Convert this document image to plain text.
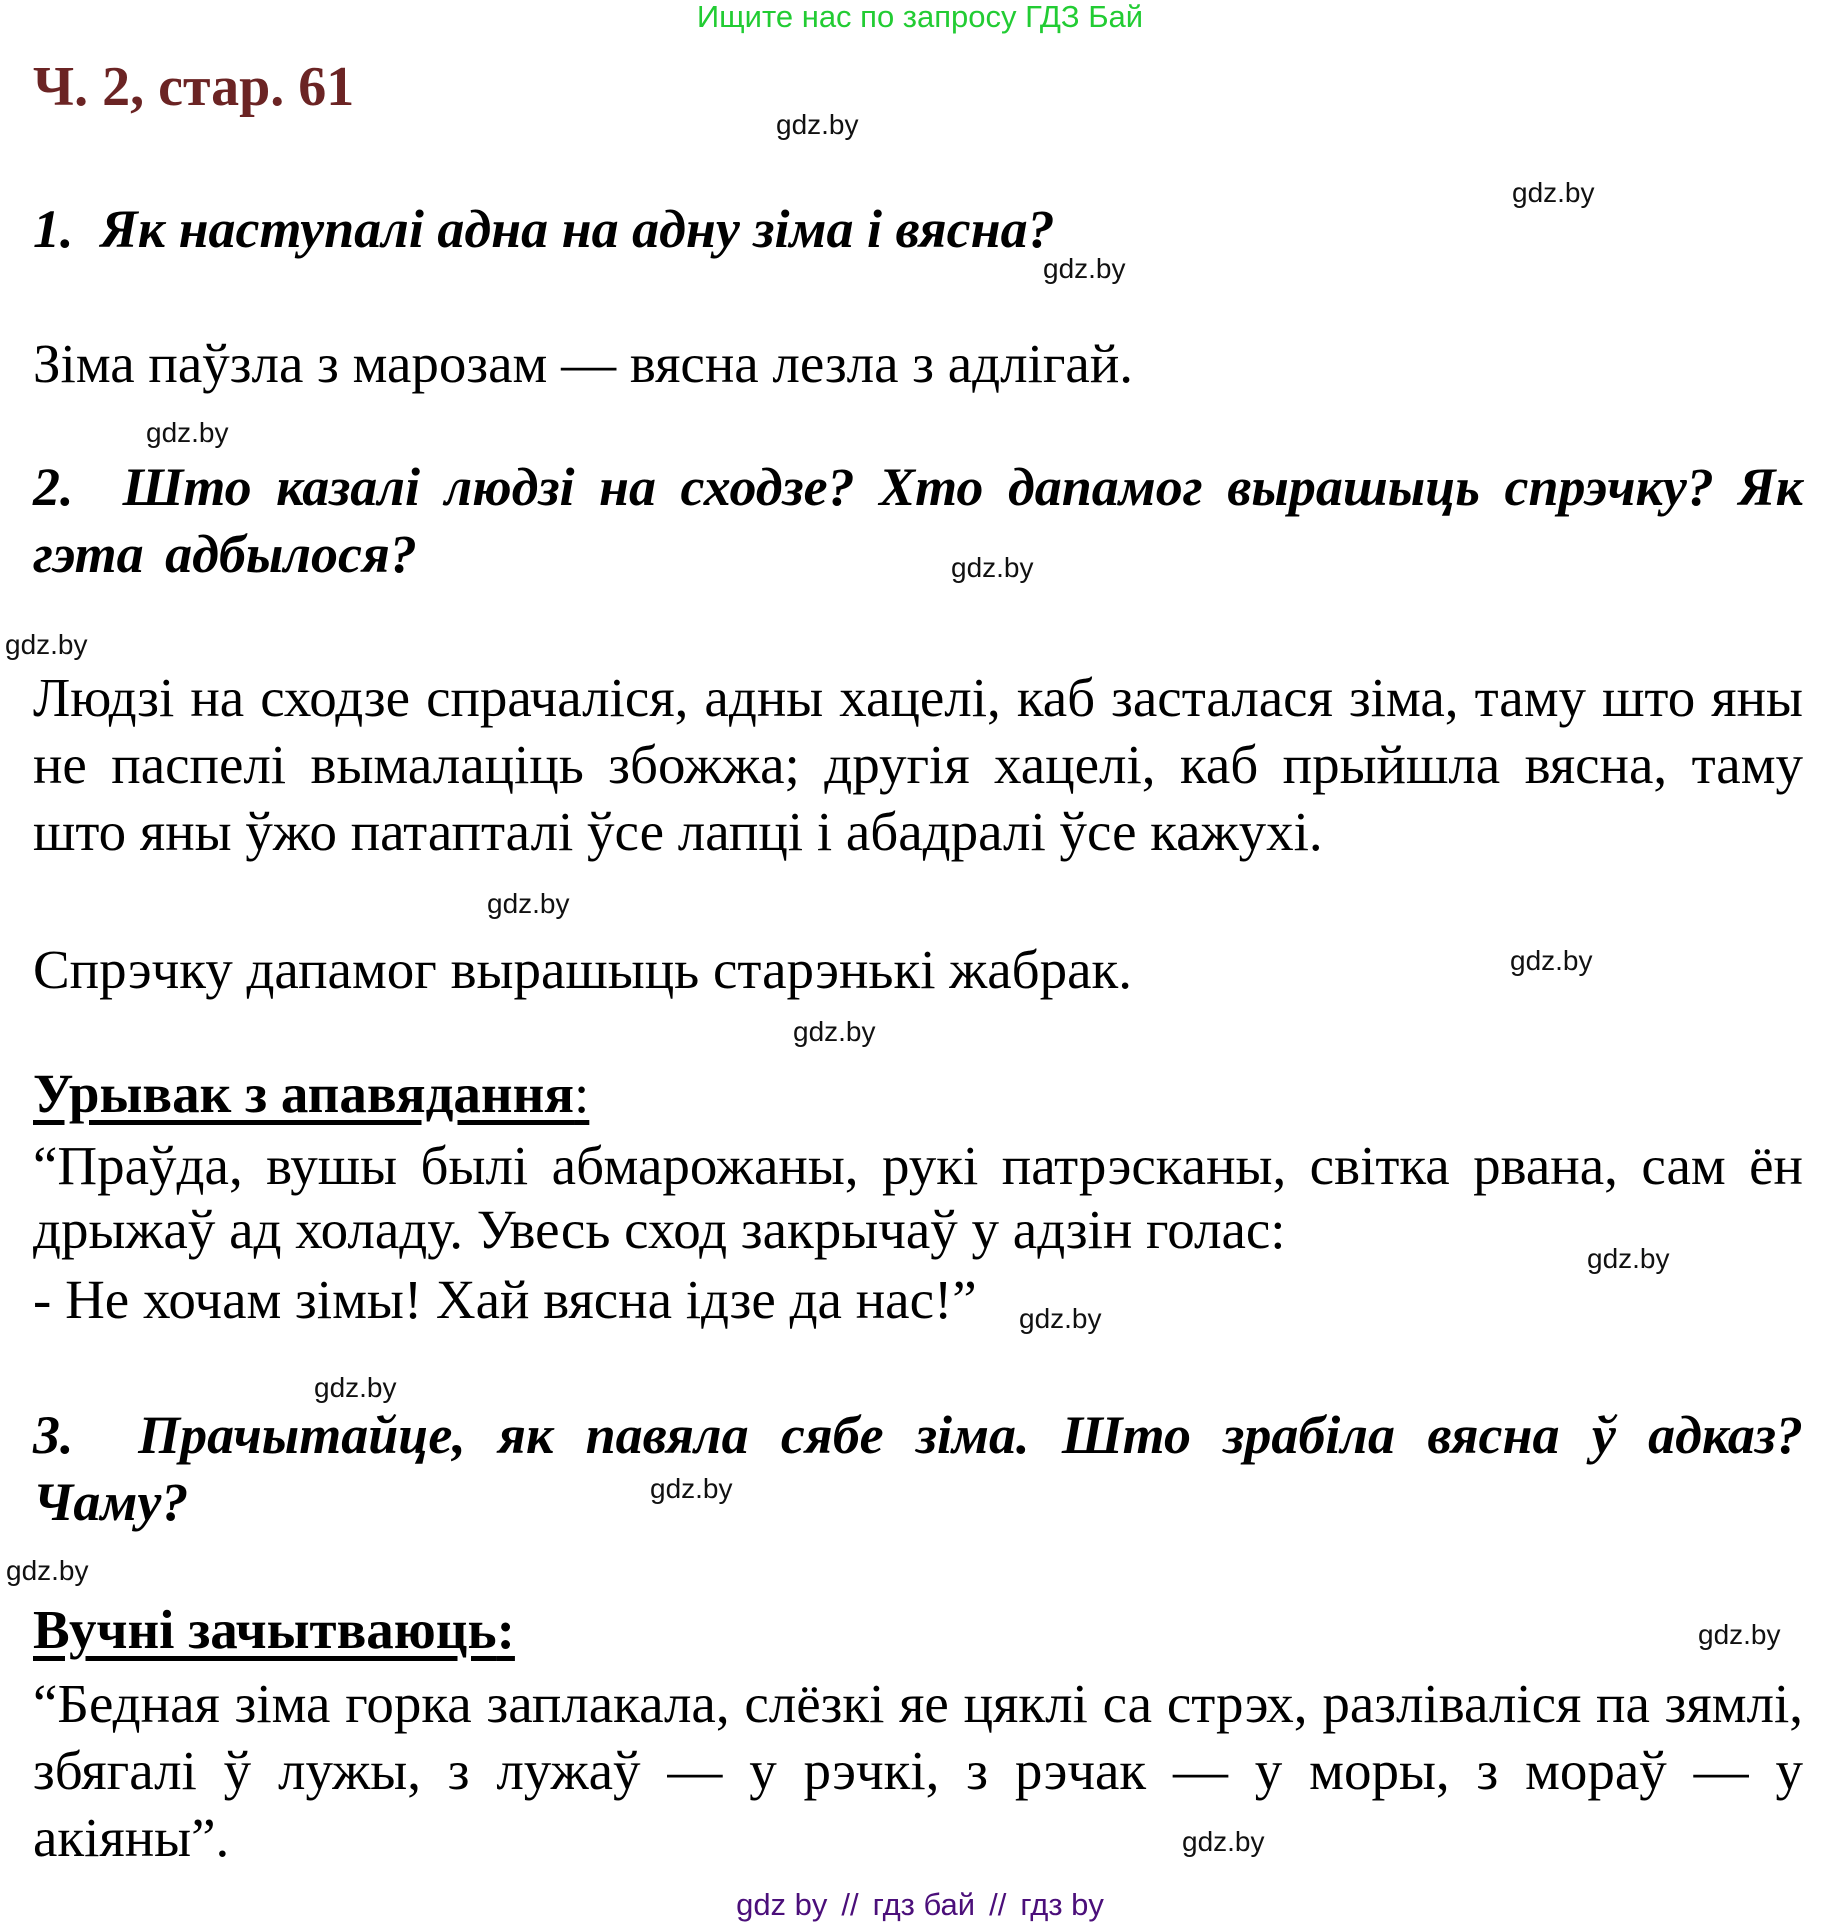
Ищите нас по запросу ГДЗ Бай
Ч. 2, стар. 61
gdz.by
gdz.by
gdz.by
gdz.by
gdz.by
gdz.by
gdz.by
gdz.by
gdz.by
gdz.by
gdz.by
gdz.by
gdz.by
gdz.by
gdz.by
gdz.by
1. Як наступалі адна на адну зіма і вясна?
Зіма паўзла з марозам — вясна лезла з адлігай.
2. Што казалі людзі на сходзе? Хто дапамог вырашыць спрэчку? Як гэта адбылося?
Людзі на сходзе спрачаліся, адны хацелі, каб засталася зіма, таму што яны не паспелі вымалаціць збожжа; другія хацелі, каб прыйшла вясна, таму што яны ўжо патапталі ўсе лапці і абадралі ўсе кажухі.
Спрэчку дапамог вырашыць старэнькі жабрак.
Урывак з апавядання:
“Праўда, вушы былі абмарожаны, рукі патрэсканы, світка рвана, сам ён дрыжаў ад холаду. Увесь сход закрычаў у адзін голас:
- Не хочам зімы! Хай вясна ідзе да нас!”
3. Прачытайце, як павяла сябе зіма. Што зрабіла вясна ў адказ? Чаму?
Вучні зачытваюць:
“Бедная зіма горка заплакала, слёзкі яе цяклі са стрэх, разліваліся па зямлі, збягалі ў лужы, з лужаў — у рэчкі, з рэчак — у моры, з мораў — у акіяны”.
gdz by // гдз бай // гдз by
